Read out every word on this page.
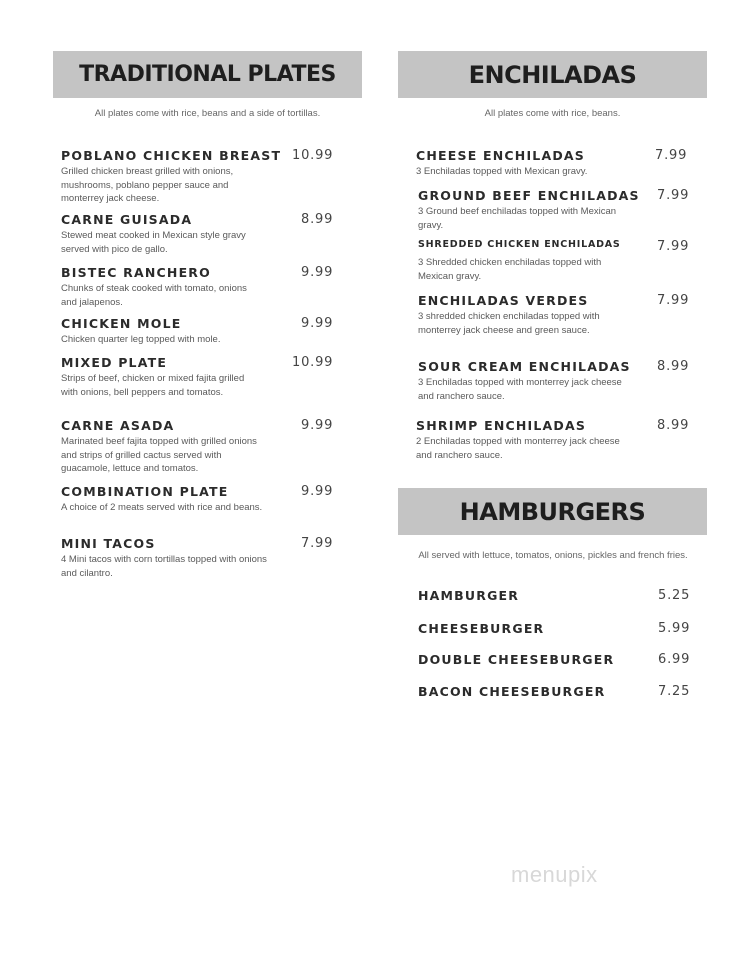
TRADITIONAL PLATES
All plates come with rice, beans and a side of tortillas.
POBLANO CHICKEN BREAST 10.99
Grilled chicken breast grilled with onions, mushrooms, poblano pepper sauce and monterrey jack cheese.
CARNE GUISADA	8.99
Stewed meat cooked in Mexican style gravy served with pico de gallo.
BISTEC RANCHERO	9.99
Chunks of steak cooked with tomato, onions and jalapenos.
CHICKEN MOLE	9.99
Chicken quarter leg topped with mole.
MIXED PLATE	10.99
Strips of beef, chicken or mixed fajita grilled with onions, bell peppers and tomatos.
CARNE ASADA	9.99
Marinated beef fajita topped with grilled onions and strips of grilled cactus served with guacamole, lettuce and tomatos.
COMBINATION PLATE	9.99
A choice of 2 meats served with rice and beans.
MINI TACOS	7.99
4 Mini tacos with corn tortillas topped with onions and cilantro.
ENCHILADAS
All plates come with rice, beans.
CHEESE ENCHILADAS	7.99
3 Enchiladas topped with Mexican gravy.
GROUND BEEF ENCHILADAS 7.99
3 Ground beef enchiladas topped with Mexican gravy.
SHREDDED CHICKEN ENCHILADAS	7.99
3 Shredded chicken enchiladas topped with Mexican gravy.
ENCHILADAS VERDES	7.99
3 shredded chicken enchiladas topped with monterrey jack cheese and green sauce.
SOUR CREAM ENCHILADAS 8.99
3 Enchiladas topped with monterrey jack cheese and ranchero sauce.
SHRIMP ENCHILADAS	8.99
2 Enchiladas topped with monterrey jack cheese and ranchero sauce.
HAMBURGERS
All served with lettuce, tomatos, onions, pickles and french fries.
HAMBURGER	5.25
CHEESEBURGER	5.99
DOUBLE CHEESEBURGER	6.99
BACON CHEESEBURGER	7.25
menupix
